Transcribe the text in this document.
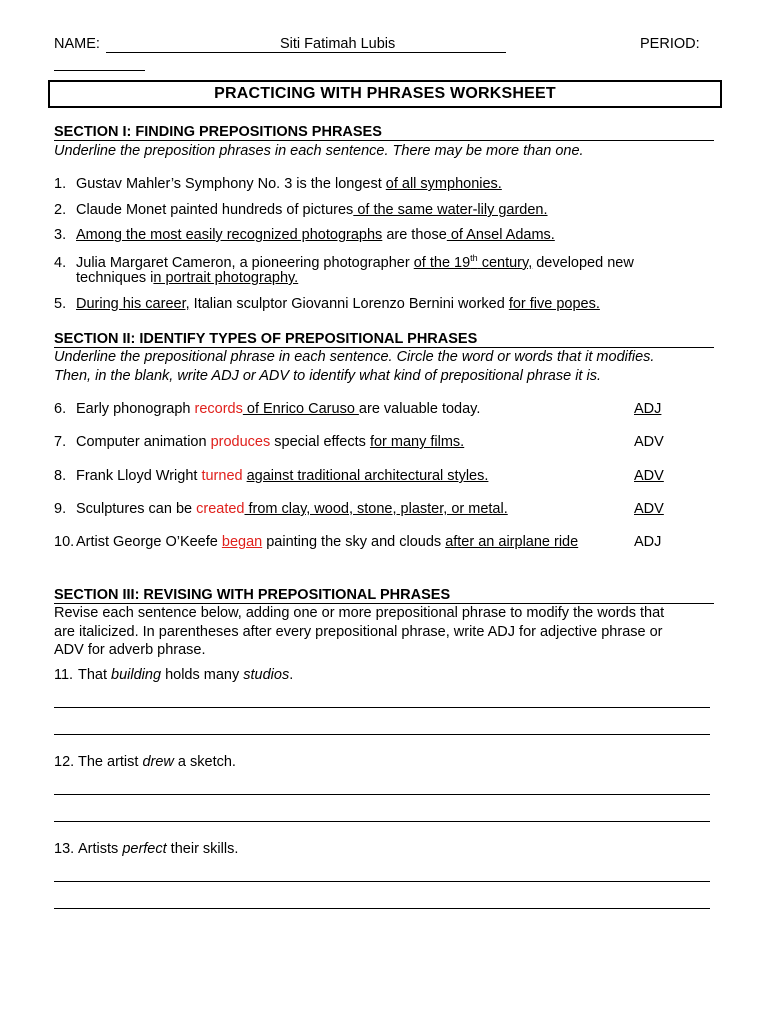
NAME:	Siti Fatimah Lubis	PERIOD:
PRACTICING WITH PHRASES WORKSHEET
SECTION I: FINDING PREPOSITIONS PHRASES
Underline the preposition phrases in each sentence. There may be more than one.
1. Gustav Mahler’s Symphony No. 3 is the longest of all symphonies.
2. Claude Monet painted hundreds of pictures of the same water-lily garden.
3. Among the most easily recognized photographs are those of Ansel Adams.
4. Julia Margaret Cameron, a pioneering photographer of the 19th century, developed new
techniques in portrait photography.
5. During his career, Italian sculptor Giovanni Lorenzo Bernini worked for five popes.
SECTION II: IDENTIFY TYPES OF PREPOSITIONAL PHRASES
Underline the prepositional phrase in each sentence. Circle the word or words that it modifies.
Then, in the blank, write ADJ or ADV to identify what kind of prepositional phrase it is.
6. Early phonograph records of Enrico Caruso are valuable today.	ADJ
7. Computer animation produces special effects for many films.	ADV
8. Frank Lloyd Wright turned against traditional architectural styles.	ADV
9. Sculptures can be created from clay, wood, stone, plaster, or metal.	ADV
10. Artist George O’Keefe began painting the sky and clouds after an airplane ride	ADJ
SECTION III: REVISING WITH PREPOSITIONAL PHRASES
Revise each sentence below, adding one or more prepositional phrase to modify the words that
are italicized. In parentheses after every prepositional phrase, write ADJ for adjective phrase or
ADV for adverb phrase.
11. That building holds many studios.
12. The artist drew a sketch.
13. Artists perfect their skills.
